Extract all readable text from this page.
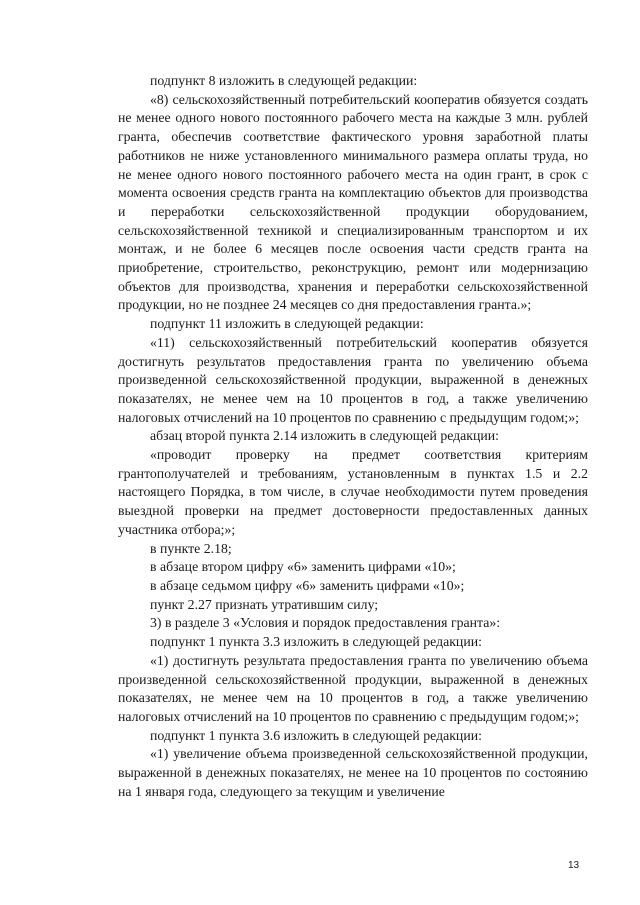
подпункт 8 изложить в следующей редакции:

«8) сельскохозяйственный потребительский кооператив обязуется создать не менее одного нового постоянного рабочего места на каждые 3 млн. рублей гранта, обеспечив соответствие фактического уровня заработной платы работников не ниже установленного минимального размера оплаты труда, но не менее одного нового постоянного рабочего места на один грант, в срок с момента освоения средств гранта на комплектацию объектов для производства и переработки сельскохозяйственной продукции оборудованием, сельскохозяйственной техникой и специализированным транспортом и их монтаж, и не более 6 месяцев после освоения части средств гранта на приобретение, строительство, реконструкцию, ремонт или модернизацию объектов для производства, хранения и переработки сельскохозяйственной продукции, но не позднее 24 месяцев со дня предоставления гранта.»;

подпункт 11 изложить в следующей редакции:

«11) сельскохозяйственный потребительский кооператив обязуется достигнуть результатов предоставления гранта по увеличению объема произведенной сельскохозяйственной продукции, выраженной в денежных показателях, не менее чем на 10 процентов в год, а также увеличению налоговых отчислений на 10 процентов по сравнению с предыдущим годом;»;

абзац второй пункта 2.14 изложить в следующей редакции:

«проводит проверку на предмет соответствия критериям грантополучателей и требованиям, установленным в пунктах 1.5 и 2.2 настоящего Порядка, в том числе, в случае необходимости путем проведения выездной проверки на предмет достоверности предоставленных данных участника отбора;»;

в пункте 2.18;

в абзаце втором цифру «6» заменить цифрами «10»;

в абзаце седьмом цифру «6» заменить цифрами «10»;

пункт 2.27 признать утратившим силу;

3) в разделе 3 «Условия и порядок предоставления гранта»:

подпункт 1 пункта 3.3 изложить в следующей редакции:

«1) достигнуть результата предоставления гранта по увеличению объема произведенной сельскохозяйственной продукции, выраженной в денежных показателях, не менее чем на 10 процентов в год, а также увеличению налоговых отчислений на 10 процентов по сравнению с предыдущим годом;»;

подпункт 1 пункта 3.6 изложить в следующей редакции:

«1) увеличение объема произведенной сельскохозяйственной продукции, выраженной в денежных показателях, не менее на 10 процентов по состоянию на 1 января года, следующего за текущим и увеличение

13
